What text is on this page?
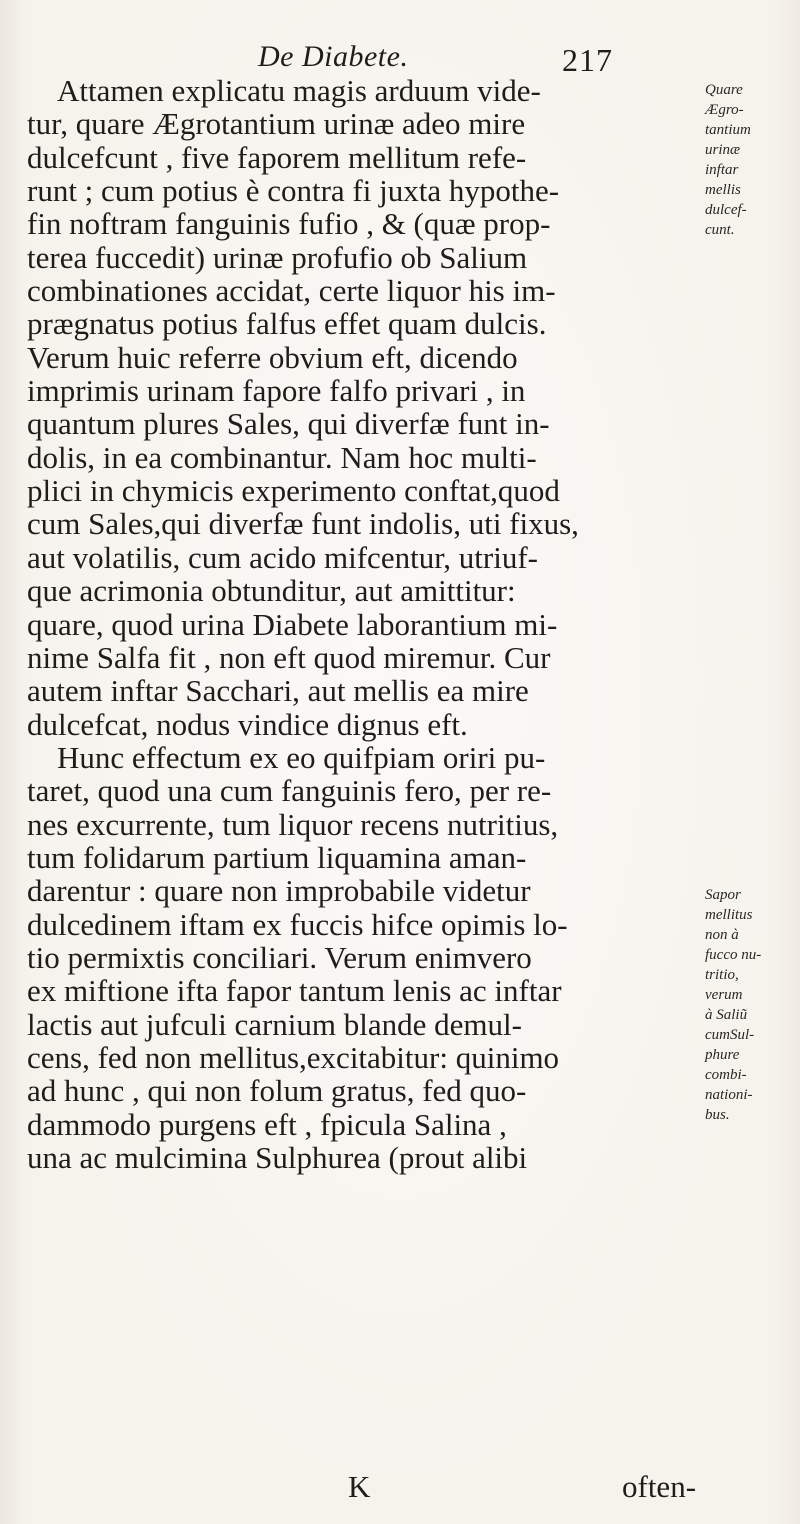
De Diabete.	217
Attamen explicatu magis arduum vide-
tur, quare Ægrotantium urinæ adeo mire
dulcefcunt , five faporem mellitum refe-
runt ; cum potius è contra fi juxta hypothe-
fin noftram fanguinis fufio , & (quæ prop-
terea fuccedit) urinæ profufio ob Salium
combinationes accidat, certe liquor his im-
prægnatus potius falfus effet quam dulcis.
Verum huic referre obvium eft, dicendo
imprimis urinam fapore falfo privari , in
quantum plures Sales, qui diverfæ funt in-
dolis, in ea combinantur. Nam hoc multi-
plici in chymicis experimento conftat,quod
cum Sales,qui diverfæ funt indolis, uti fixus,
aut volatilis, cum acido mifcentur, utriuf-
que acrimonia obtunditur, aut amittitur:
quare, quod urina Diabete laborantium mi-
nime Salfa fit , non eft quod miremur. Cur
autem inftar Sacchari, aut mellis ea mire
dulcefcat, nodus vindice dignus eft.
Hunc effectum ex eo quifpiam oriri pu-
taret, quod una cum fanguinis fero, per re-
nes excurrente, tum liquor recens nutritius,
tum folidarum partium liquamina aman-
darentur : quare non improbabile videtur
dulcedinem iftam ex fuccis hifce opimis lo-
tio permixtis conciliari. Verum enimvero
ex miftione ifta fapor tantum lenis ac inftar
lactis aut jufculi carnium blande demul-
cens, fed non mellitus,excitabitur: quinimo
ad hunc , qui non folum gratus, fed quo-
dammodo purgens eft , fpicula Salina ,
una ac mulcimina Sulphurea (prout alibi
Quare
Ægro-
tantium
urinæ
inftar
mellis
dulcef-
cunt.
Sapor
mellitus
non à
fucco nu-
tritio,
verum
à Saliũ
cumSul-
phure
combi-
nationi-
bus.
K	often-
